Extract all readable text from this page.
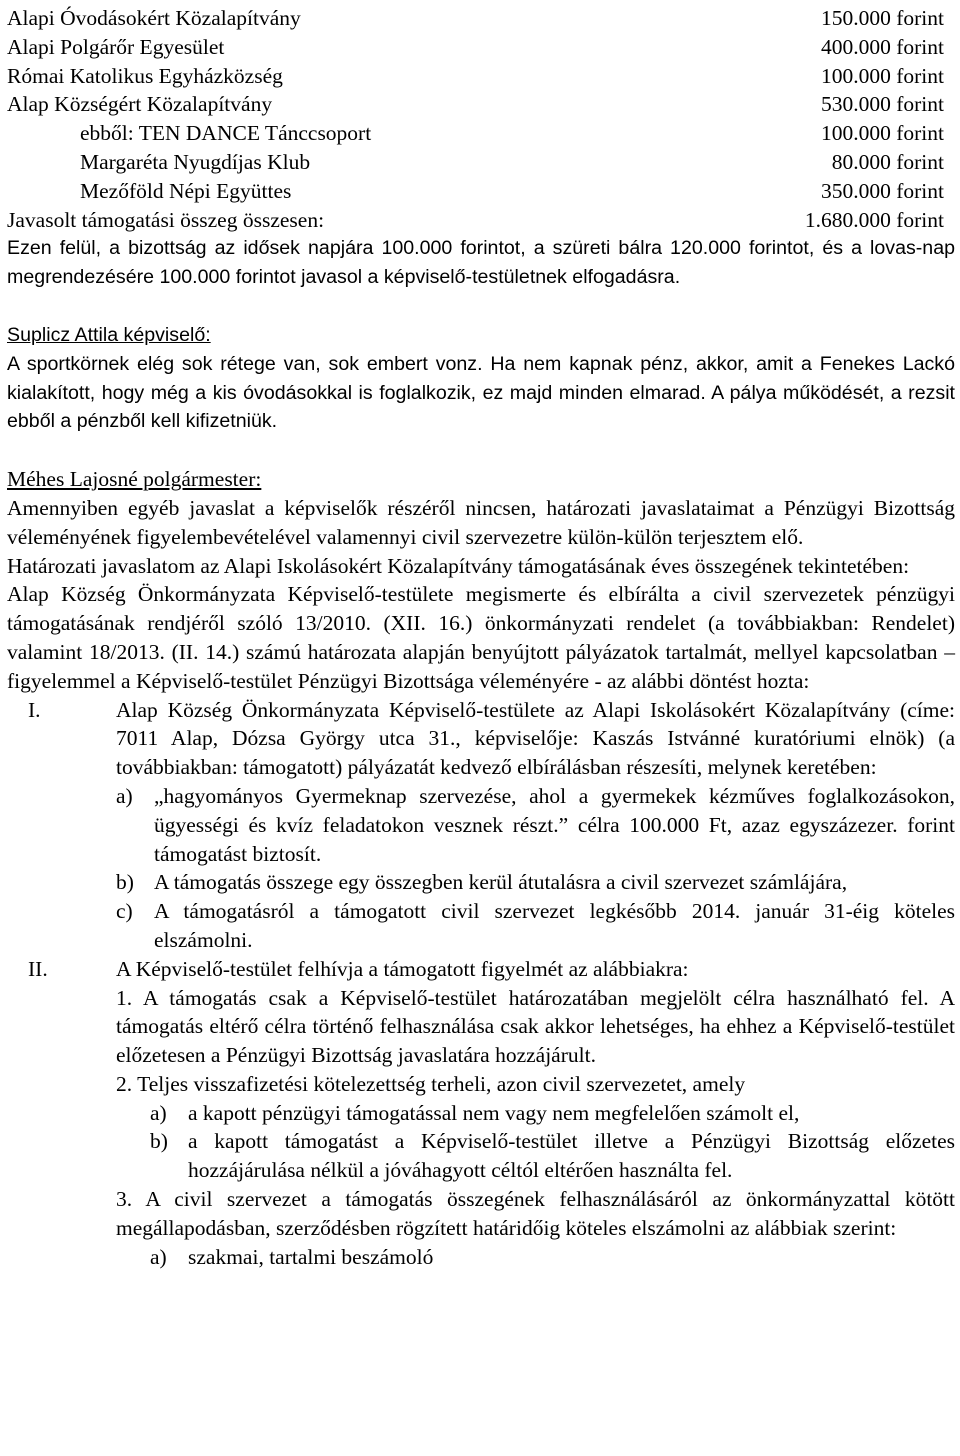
Alapi Óvodásokért Közalapítvány	150.000 forint
Alapi Polgárőr Egyesület	400.000 forint
Római Katolikus Egyházközség	100.000 forint
Alap Községért Közalapítvány	530.000 forint
ebből: TEN DANCE Tánccsoport	100.000 forint
Margaréta Nyugdíjas Klub	80.000 forint
Mezőföld Népi Együttes	350.000 forint
Javasolt támogatási összeg összesen:	1.680.000 forint

Ezen felül, a bizottság az idősek napjára 100.000 forintot, a szüreti bálra 120.000 forintot, és a lovas-nap megrendezésére 100.000 forintot javasol a képviselő-testületnek elfogadásra.

Suplicz Attila képviselő:

A sportkörnek elég sok rétege van, sok embert vonz. Ha nem kapnak pénz, akkor, amit a Fenekes Lackó kialakított, hogy még a kis óvodásokkal is foglalkozik, ez majd minden elmarad. A pálya működését, a rezsit ebből a pénzből kell kifizetniük.

Méhes Lajosné polgármester:

Amennyiben egyéb javaslat a képviselők részéről nincsen, határozati javaslataimat a Pénzügyi Bizottság véleményének figyelembevételével valamennyi civil szervezetre külön-külön terjesztem elő.

Határozati javaslatom az Alapi Iskolásokért Közalapítvány támogatásának éves összegének tekintetében:

Alap Község Önkormányzata Képviselő-testülete megismerte és elbírálta a civil szervezetek pénzügyi támogatásának rendjéről szóló 13/2010. (XII. 16.) önkormányzati rendelet (a továbbiakban: Rendelet) valamint 18/2013. (II. 14.) számú határozata alapján benyújtott pályázatok tartalmát, mellyel kapcsolatban – figyelemmel a Képviselő-testület Pénzügyi Bizottsága véleményére - az alábbi döntést hozta:

I.	Alap Község Önkormányzata Képviselő-testülete az Alapi Iskolásokért Közalapítvány (címe: 7011 Alap, Dózsa György utca 31., képviselője: Kaszás Istvánné kuratóriumi elnök) (a továbbiakban: támogatott) pályázatát kedvező elbírálásban részesíti, melynek keretében:

a) „hagyományos Gyermeknap szervezése, ahol a gyermekek kézműves foglalkozásokon, ügyességi és kvíz feladatokon vesznek részt.” célra 100.000 Ft, azaz egyszázezer. forint támogatást biztosít.
b) A támogatás összege egy összegben kerül átutalásra a civil szervezet számlájára,
c) A támogatásról a támogatott civil szervezet legkésőbb 2014. január 31-éig köteles elszámolni.
II.	A Képviselő-testület felhívja a támogatott figyelmét az alábbiakra:

1. A támogatás csak a Képviselő-testület határozatában megjelölt célra használható fel. A támogatás eltérő célra történő felhasználása csak akkor lehetséges, ha ehhez a Képviselő-testület előzetesen a Pénzügyi Bizottság javaslatára hozzájárult.

2. Teljes visszafizetési kötelezettség terheli, azon civil szervezetet, amely

a) a kapott pénzügyi támogatással nem vagy nem megfelelően számolt el,
b) a kapott támogatást a Képviselő-testület illetve a Pénzügyi Bizottság előzetes hozzájárulása nélkül a jóváhagyott céltól eltérően használta fel.

3. A civil szervezet a támogatás összegének felhasználásáról az önkormányzattal kötött megállapodásban, szerződésben rögzített határidőig köteles elszámolni az alábbiak szerint:

a) szakmai, tartalmi beszámoló
